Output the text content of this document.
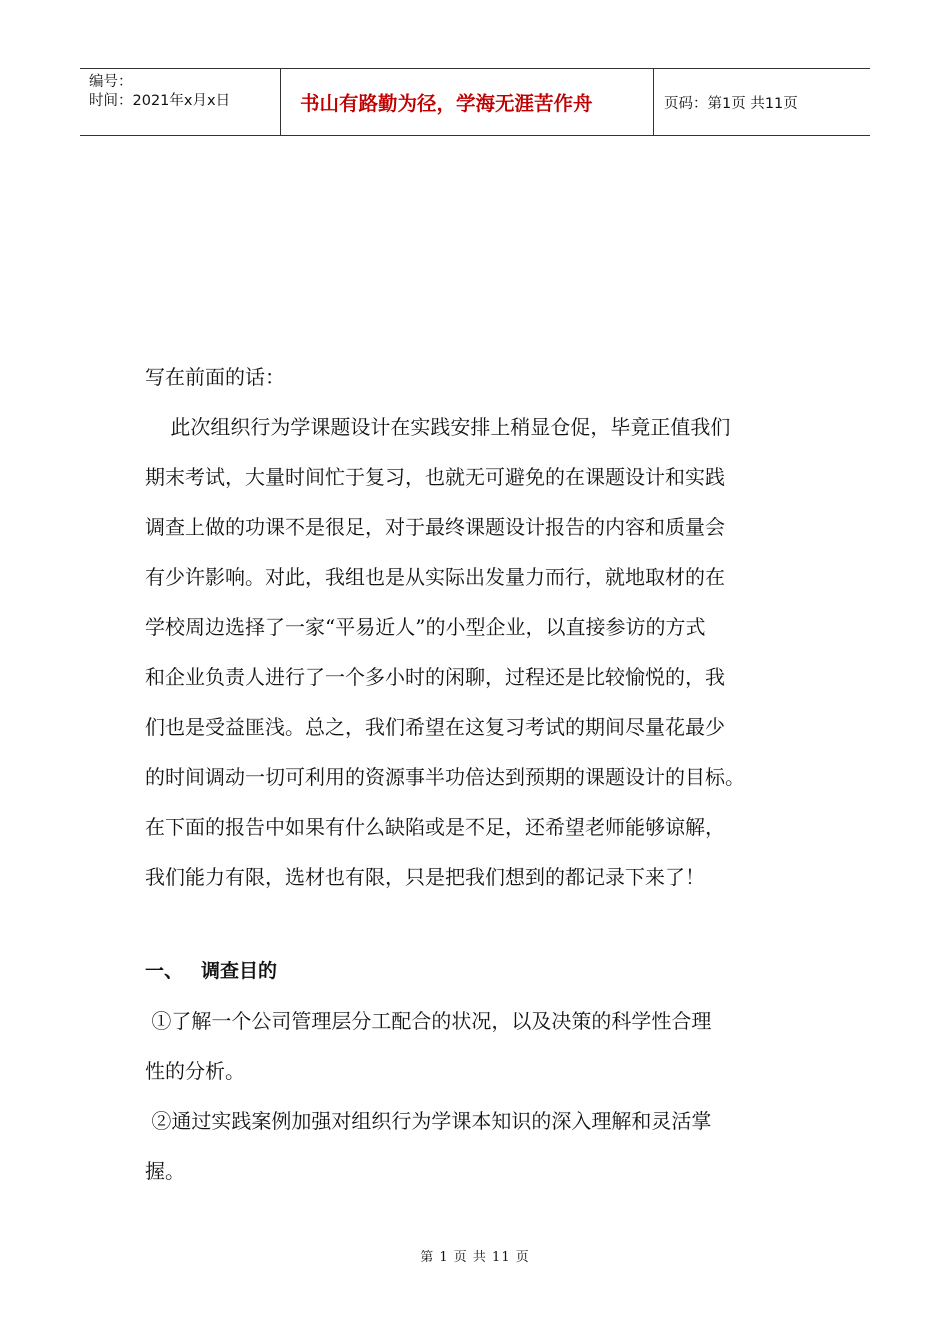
编号：
时间：2021年x月x日	书山有路勤为径，学海无涯苦作舟	页码：第1页 共11页
写在前面的话：
此次组织行为学课题设计在实践安排上稍显仓促，毕竟正值我们
期末考试，大量时间忙于复习，也就无可避免的在课题设计和实践
调查上做的功课不是很足，对于最终课题设计报告的内容和质量会
有少许影响。对此，我组也是从实际出发量力而行，就地取材的在
学校周边选择了一家“平易近人”的小型企业，以直接参访的方式
和企业负责人进行了一个多小时的闲聊，过程还是比较愉悦的，我
们也是受益匪浅。总之，我们希望在这复习考试的期间尽量花最少
的时间调动一切可利用的资源事半功倍达到预期的课题设计的目标。
在下面的报告中如果有什么缺陷或是不足，还希望老师能够谅解，
我们能力有限，选材也有限，只是把我们想到的都记录下来了！
一、 调查目的
①了解一个公司管理层分工配合的状况，以及决策的科学性合理
性的分析。
②通过实践案例加强对组织行为学课本知识的深入理解和灵活掌
握。
第 1 页 共 11 页
